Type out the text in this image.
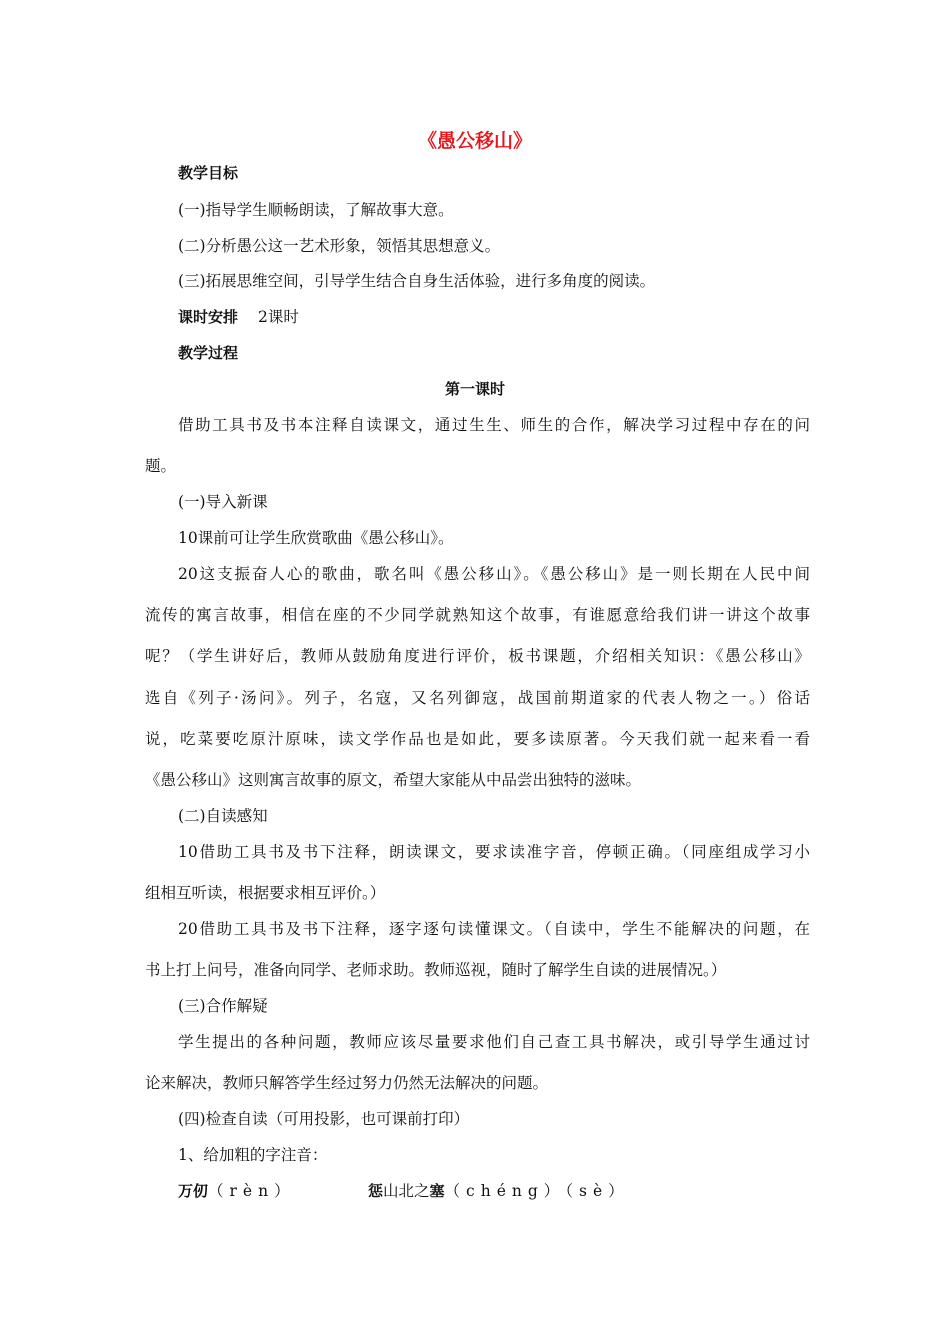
《愚公移山》
教学目标
(一)指导学生顺畅朗读，了解故事大意。
(二)分析愚公这一艺术形象，领悟其思想意义。
(三)拓展思维空间，引导学生结合自身生活体验，进行多角度的阅读。
课时安排 2课时
教学过程
第一课时
借助工具书及书本注释自读课文，通过生生、师生的合作，解决学习过程中存在的问
题。
(一)导入新课
10课前可让学生欣赏歌曲《愚公移山》。
20这支振奋人心的歌曲，歌名叫《愚公移山》。《愚公移山》是一则长期在人民中间
流传的寓言故事，相信在座的不少同学就熟知这个故事，有谁愿意给我们讲一讲这个故事
呢？（学生讲好后，教师从鼓励角度进行评价，板书课题，介绍相关知识：《愚公移山》
选自《列子·汤问》。列子，名寇，又名列御寇，战国前期道家的代表人物之一。）俗话
说，吃菜要吃原汁原味，读文学作品也是如此，要多读原著。今天我们就一起来看一看
《愚公移山》这则寓言故事的原文，希望大家能从中品尝出独特的滋味。
(二)自读感知
10借助工具书及书下注释，朗读课文，要求读准字音，停顿正确。（同座组成学习小
组相互听读，根据要求相互评价。）
20借助工具书及书下注释，逐字逐句读懂课文。（自读中，学生不能解决的问题，在
书上打上问号，准备向同学、老师求助。教师巡视，随时了解学生自读的进展情况。）
(三)合作解疑
学生提出的各种问题，教师应该尽量要求他们自己查工具书解决，或引导学生通过讨
论来解决，教师只解答学生经过努力仍然无法解决的问题。
(四)检查自读（可用投影，也可课前打印）
1、给加粗的字注音：
万仞（rèn）	惩山北之塞（chéng）（sè）
